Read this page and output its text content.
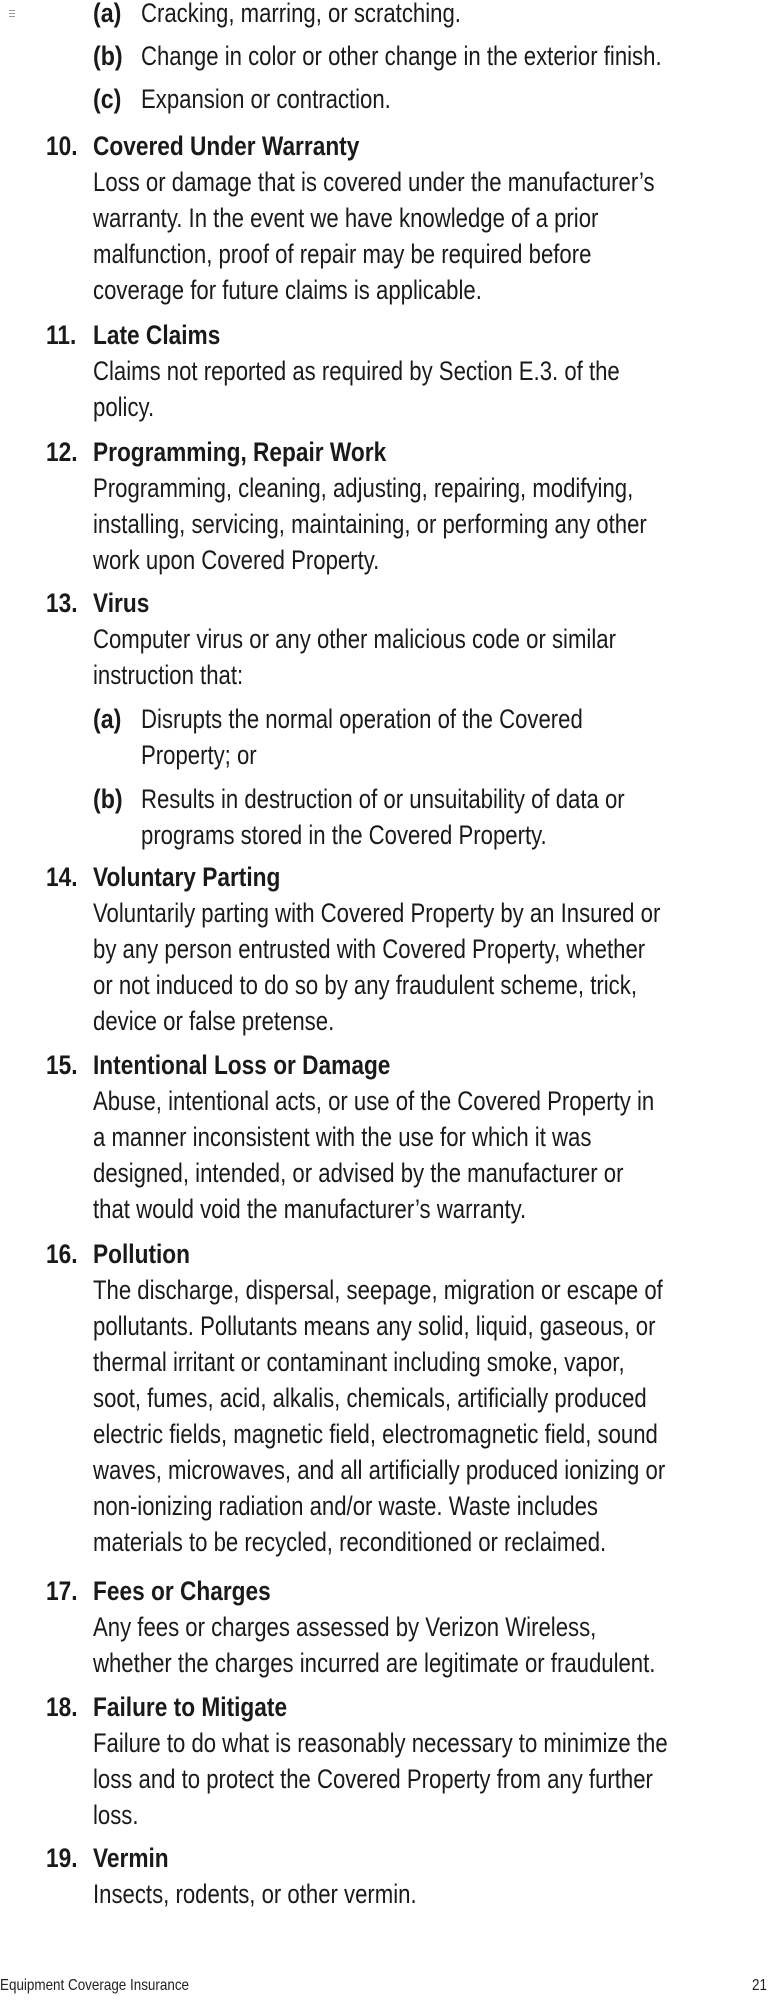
(a) Cracking, marring, or scratching.
(b) Change in color or other change in the exterior finish.
(c) Expansion or contraction.
10. Covered Under Warranty
Loss or damage that is covered under the manufacturer’s
warranty. In the event we have knowledge of a prior
malfunction, proof of repair may be required before
coverage for future claims is applicable.
11. Late Claims
Claims not reported as required by Section E.3. of the
policy.
12. Programming, Repair Work
Programming, cleaning, adjusting, repairing, modifying,
installing, servicing, maintaining, or performing any other
work upon Covered Property.
13. Virus
Computer virus or any other malicious code or similar
instruction that:
(a) Disrupts the normal operation of the Covered
Property; or
(b) Results in destruction of or unsuitability of data or
programs stored in the Covered Property.
14. Voluntary Parting
Voluntarily parting with Covered Property by an Insured or
by any person entrusted with Covered Property, whether
or not induced to do so by any fraudulent scheme, trick,
device or false pretense.
15. Intentional Loss or Damage
Abuse, intentional acts, or use of the Covered Property in
a manner inconsistent with the use for which it was
designed, intended, or advised by the manufacturer or
that would void the manufacturer’s warranty.
16. Pollution
The discharge, dispersal, seepage, migration or escape of
pollutants. Pollutants means any solid, liquid, gaseous, or
thermal irritant or contaminant including smoke, vapor,
soot, fumes, acid, alkalis, chemicals, artificially produced
electric fields, magnetic field, electromagnetic field, sound
waves, microwaves, and all artificially produced ionizing or
non-ionizing radiation and/or waste. Waste includes
materials to be recycled, reconditioned or reclaimed.
17. Fees or Charges
Any fees or charges assessed by Verizon Wireless,
whether the charges incurred are legitimate or fraudulent.
18. Failure to Mitigate
Failure to do what is reasonably necessary to minimize the
loss and to protect the Covered Property from any further
loss.
19. Vermin
Insects, rodents, or other vermin.
Equipment Coverage Insurance	21
